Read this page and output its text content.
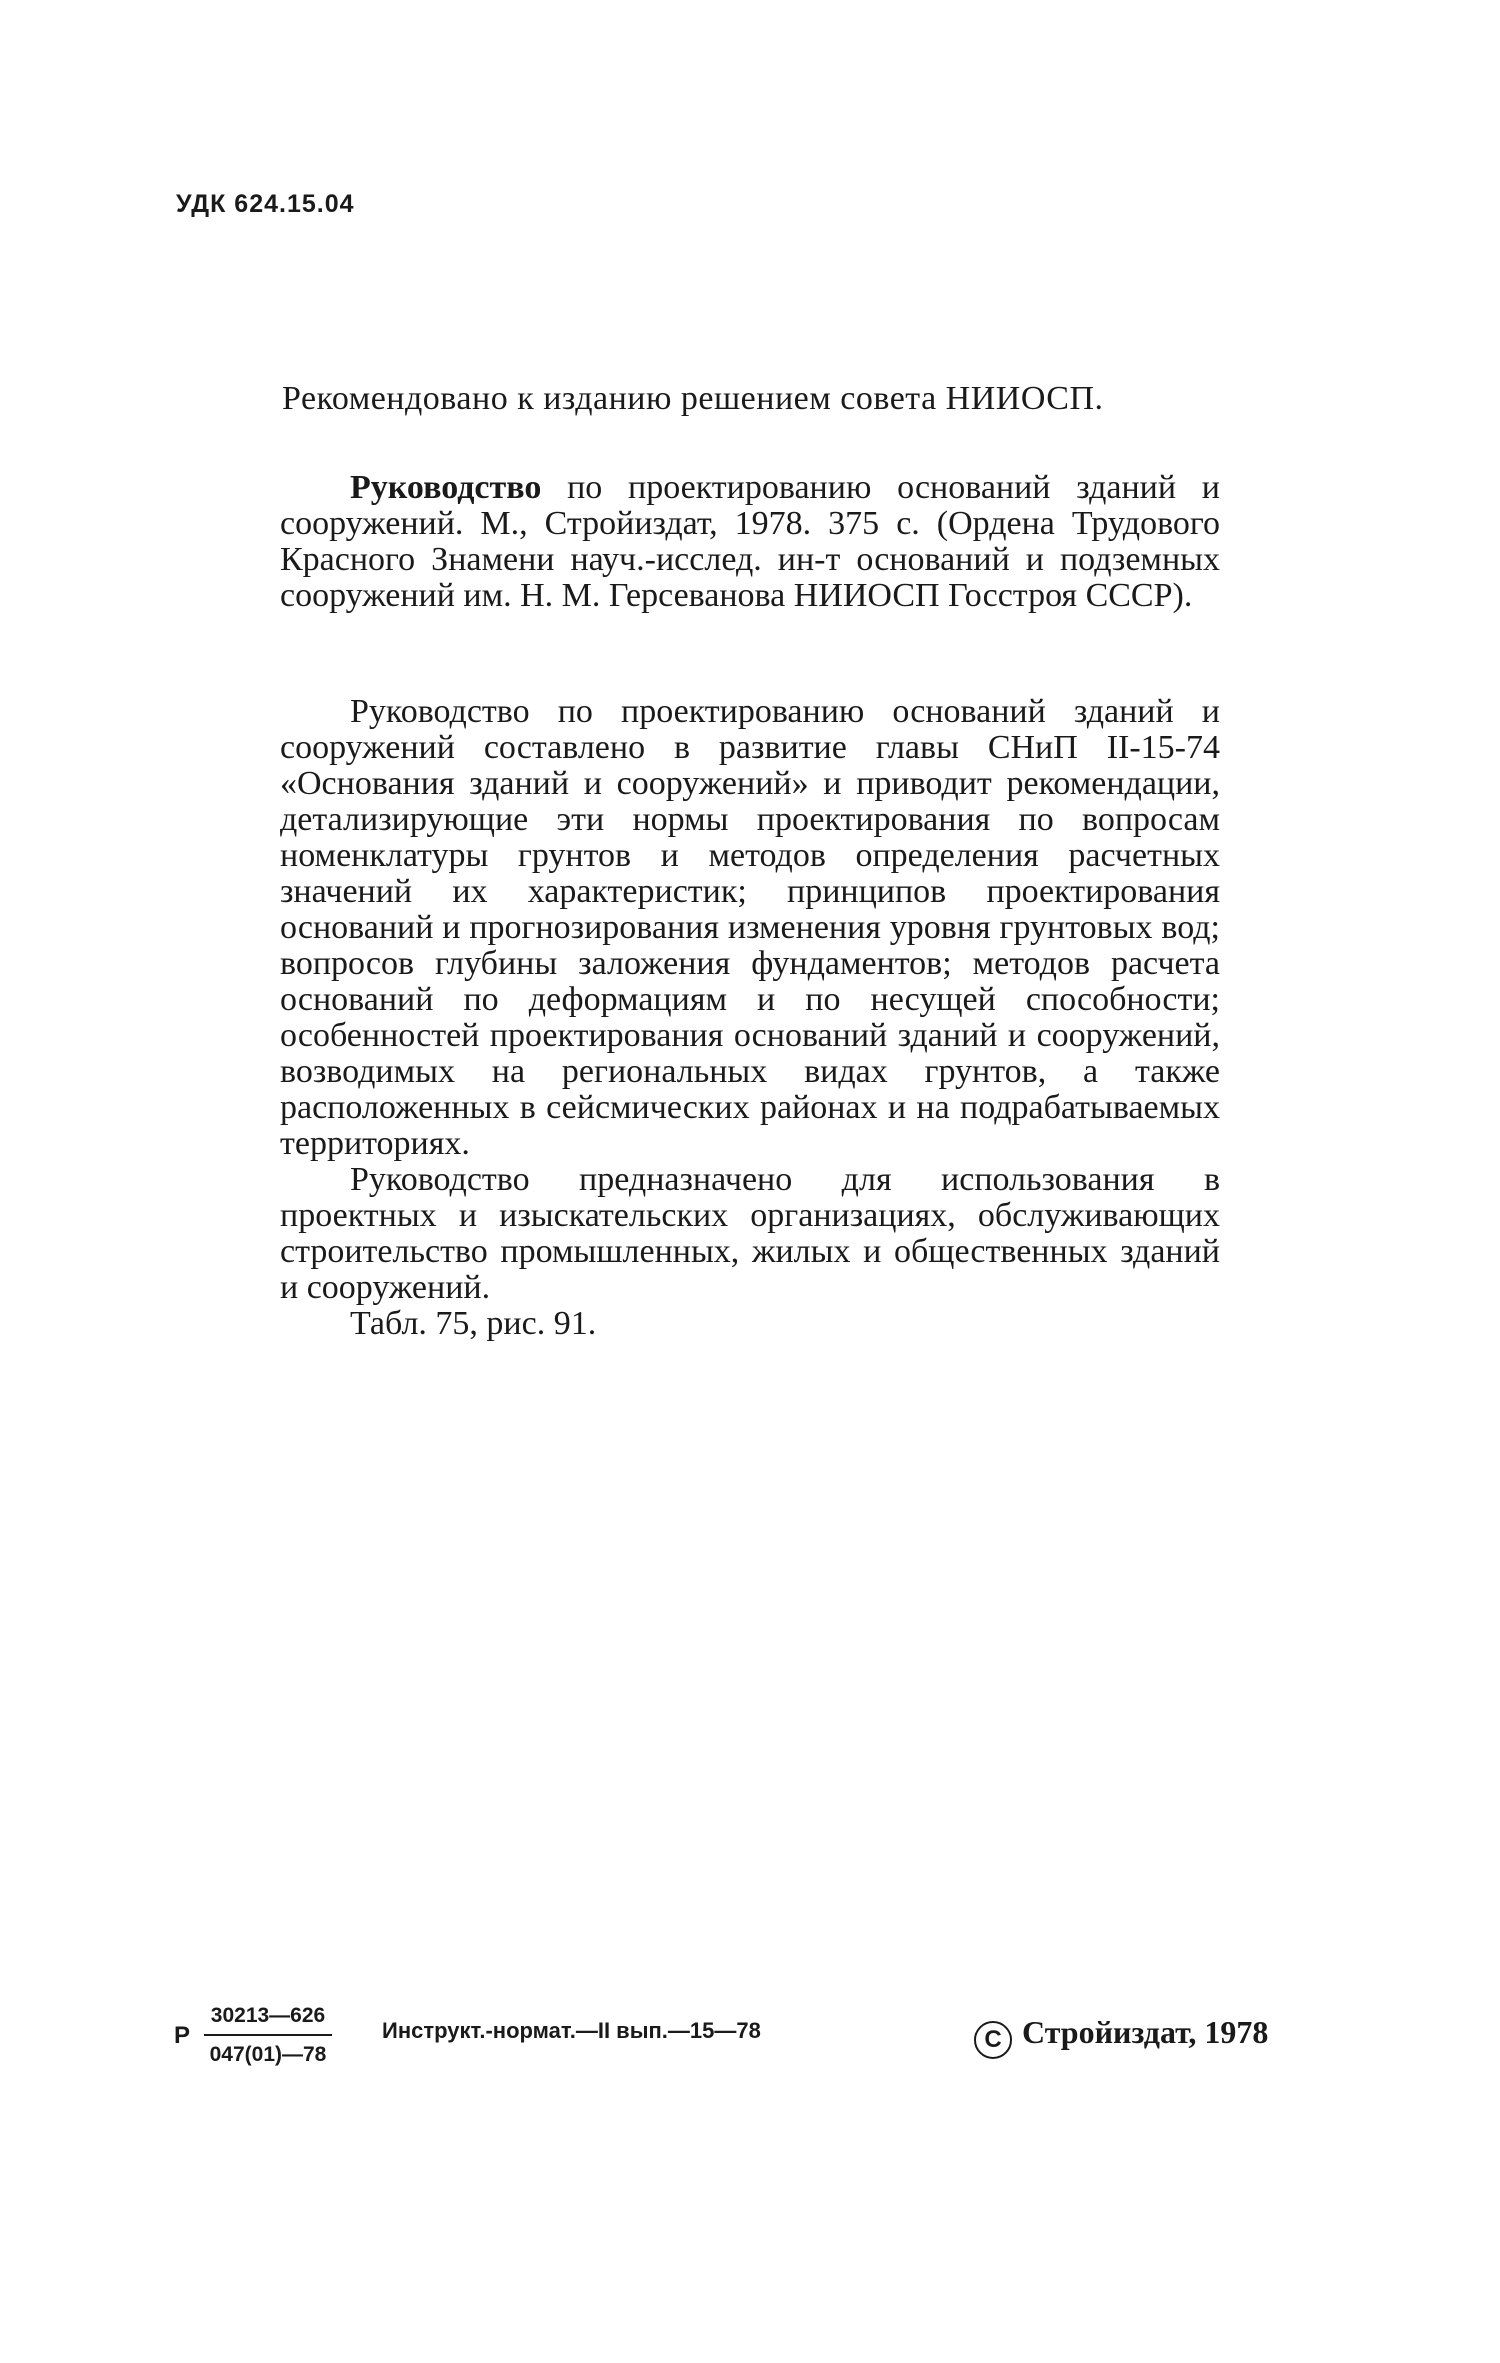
УДК 624.15.04
Рекомендовано к изданию решением совета НИИОСП.

Руководство по проектированию оснований зданий и сооружений. М., Стройиздат, 1978. 375 с. (Ордена Трудового Красного Знамени науч.-исслед. ин-т оснований и подземных сооружений им. Н. М. Герсеванова НИИОСП Госстроя СССР).

Руководство по проектированию оснований зданий и сооружений составлено в развитие главы СНиП II-15-74 «Основания зданий и сооружений» и приводит рекомендации, детализирующие эти нормы проектирования по вопросам номенклатуры грунтов и методов определения расчетных значений их характеристик; принципов проектирования оснований и прогнозирования изменения уровня грунтовых вод; вопросов глубины заложения фундаментов; методов расчета оснований по деформациям и по несущей способности; особенностей проектирования оснований зданий и сооружений, возводимых на региональных видах грунтов, а также расположенных в сейсмических районах и на подрабатываемых территориях.

Руководство предназначено для использования в проектных и изыскательских организациях, обслуживающих строительство промышленных, жилых и общественных зданий и сооружений.

Табл. 75, рис. 91.

Р $\frac{30213—626}{047(01)—78}$ Инструкт.-нормат.—II вып.—15—78	C Стройиздат, 1978
